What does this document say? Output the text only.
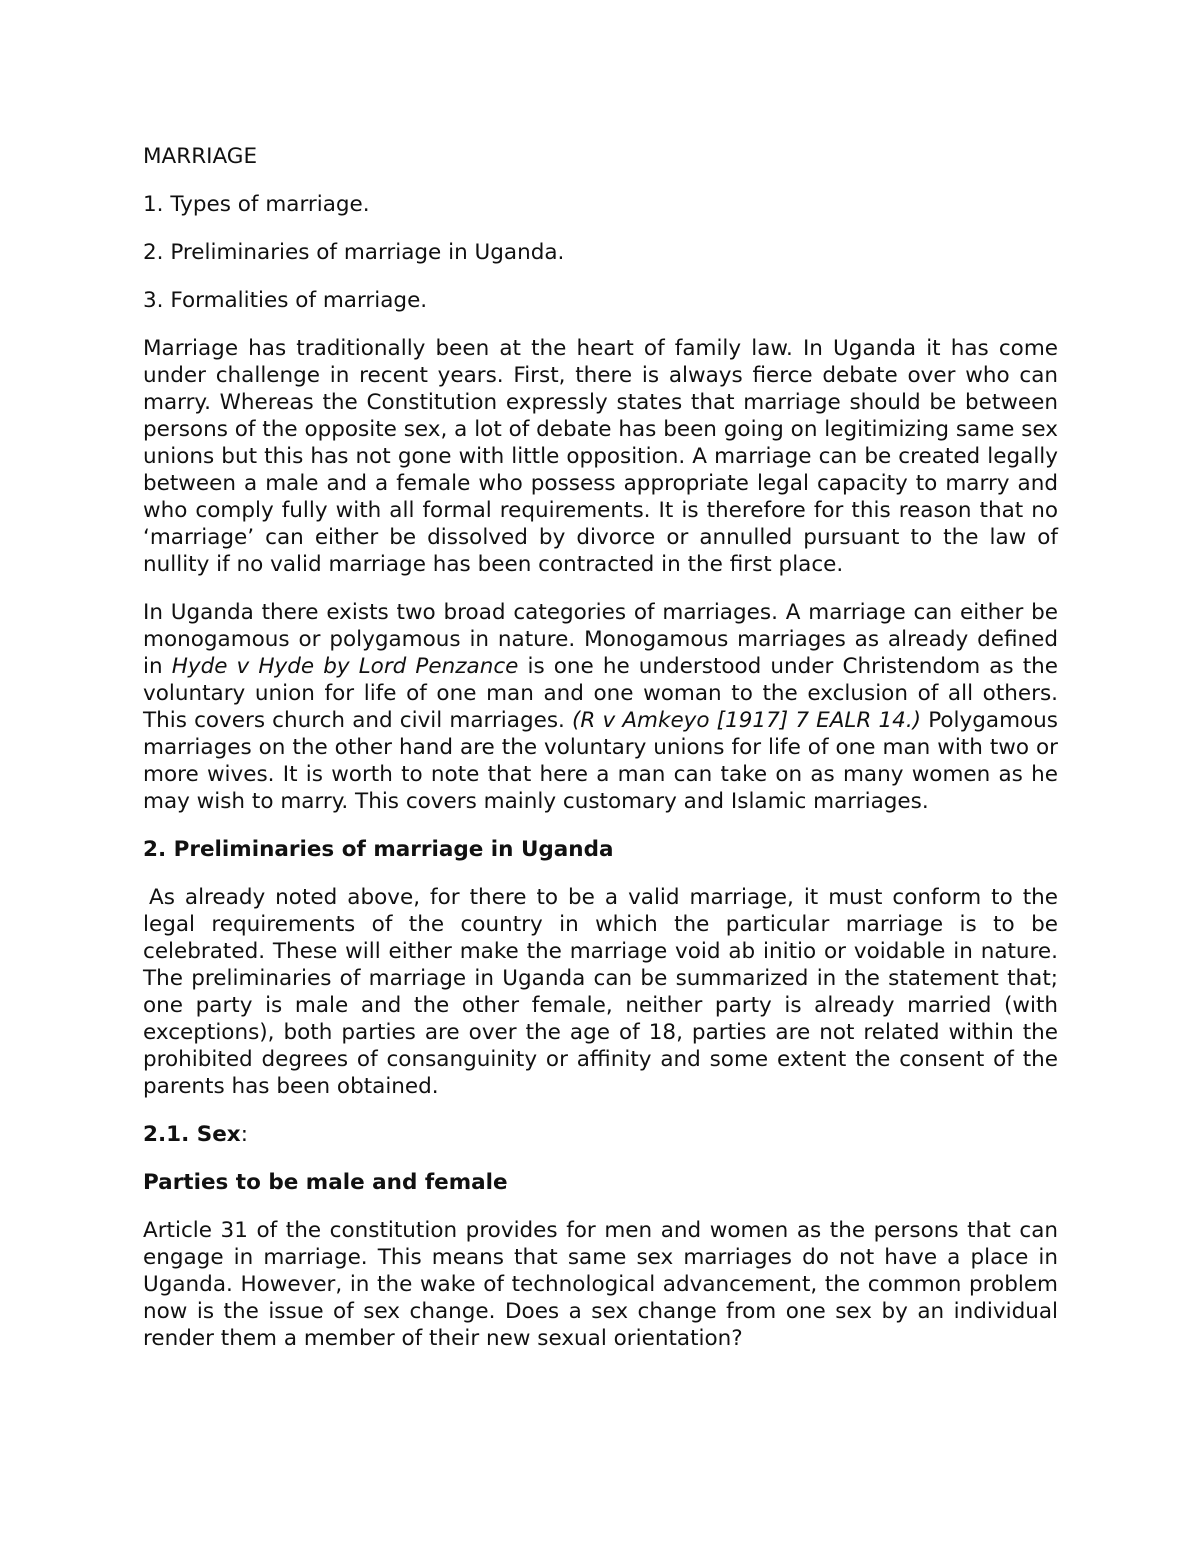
MARRIAGE

1. Types of marriage.

2. Preliminaries of marriage in Uganda.

3. Formalities of marriage.

Marriage has traditionally been at the heart of family law. In Uganda it has come under challenge in recent years. First, there is always fierce debate over who can marry. Whereas the Constitution expressly states that marriage should be between persons of the opposite sex, a lot of debate has been going on legitimizing same sex unions but this has not gone with little opposition. A marriage can be created legally between a male and a female who possess appropriate legal capacity to marry and who comply fully with all formal requirements. It is therefore for this reason that no ‘marriage’ can either be dissolved by divorce or annulled pursuant to the law of nullity if no valid marriage has been contracted in the first place.

In Uganda there exists two broad categories of marriages. A marriage can either be monogamous or polygamous in nature. Monogamous marriages as already defined in Hyde v Hyde by Lord Penzance is one he understood under Christendom as the voluntary union for life of one man and one woman to the exclusion of all others. This covers church and civil marriages. (R v Amkeyo [1917] 7 EALR 14.) Polygamous marriages on the other hand are the voluntary unions for life of one man with two or more wives. It is worth to note that here a man can take on as many women as he may wish to marry. This covers mainly customary and Islamic marriages.

2. Preliminaries of marriage in Uganda

As already noted above, for there to be a valid marriage, it must conform to the legal requirements of the country in which the particular marriage is to be celebrated. These will either make the marriage void ab initio or voidable in nature. The preliminaries of marriage in Uganda can be summarized in the statement that; one party is male and the other female, neither party is already married (with exceptions), both parties are over the age of 18, parties are not related within the prohibited degrees of consanguinity or affinity and some extent the consent of the parents has been obtained.

2.1. Sex:

Parties to be male and female

Article 31 of the constitution provides for men and women as the persons that can engage in marriage. This means that same sex marriages do not have a place in Uganda. However, in the wake of technological advancement, the common problem now is the issue of sex change. Does a sex change from one sex by an individual render them a member of their new sexual orientation?
